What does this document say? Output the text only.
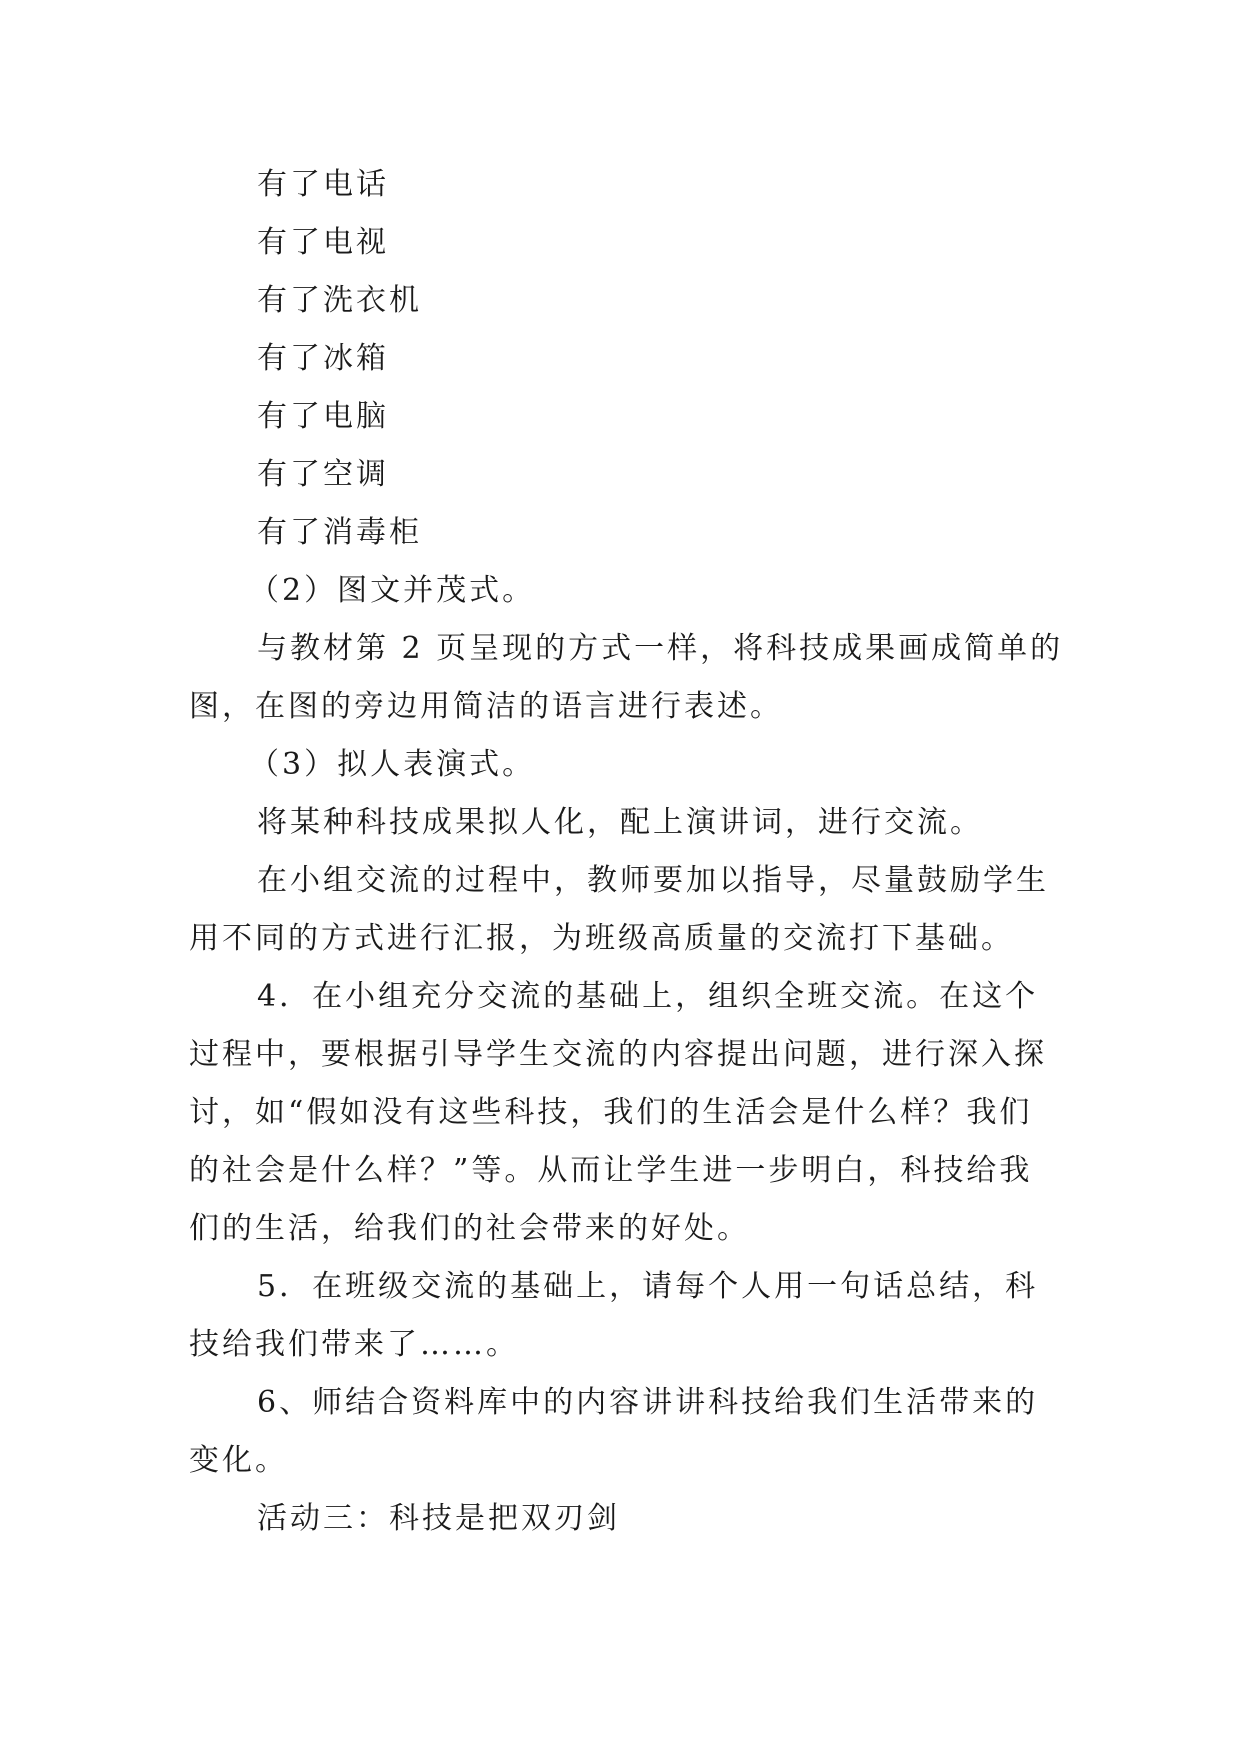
有了电话
有了电视
有了洗衣机
有了冰箱
有了电脑
有了空调
有了消毒柜
（2）图文并茂式。
与教材第 2 页呈现的方式一样，将科技成果画成简单的
图，在图的旁边用简洁的语言进行表述。
（3）拟人表演式。
将某种科技成果拟人化，配上演讲词，进行交流。
在小组交流的过程中，教师要加以指导，尽量鼓励学生
用不同的方式进行汇报，为班级高质量的交流打下基础。
4．在小组充分交流的基础上，组织全班交流。在这个
过程中，要根据引导学生交流的内容提出问题，进行深入探
讨，如“假如没有这些科技，我们的生活会是什么样？我们
的社会是什么样？”等。从而让学生进一步明白，科技给我
们的生活，给我们的社会带来的好处。
5．在班级交流的基础上，请每个人用一句话总结，科
技给我们带来了……。
6、师结合资料库中的内容讲讲科技给我们生活带来的
变化。
活动三：科技是把双刃剑
